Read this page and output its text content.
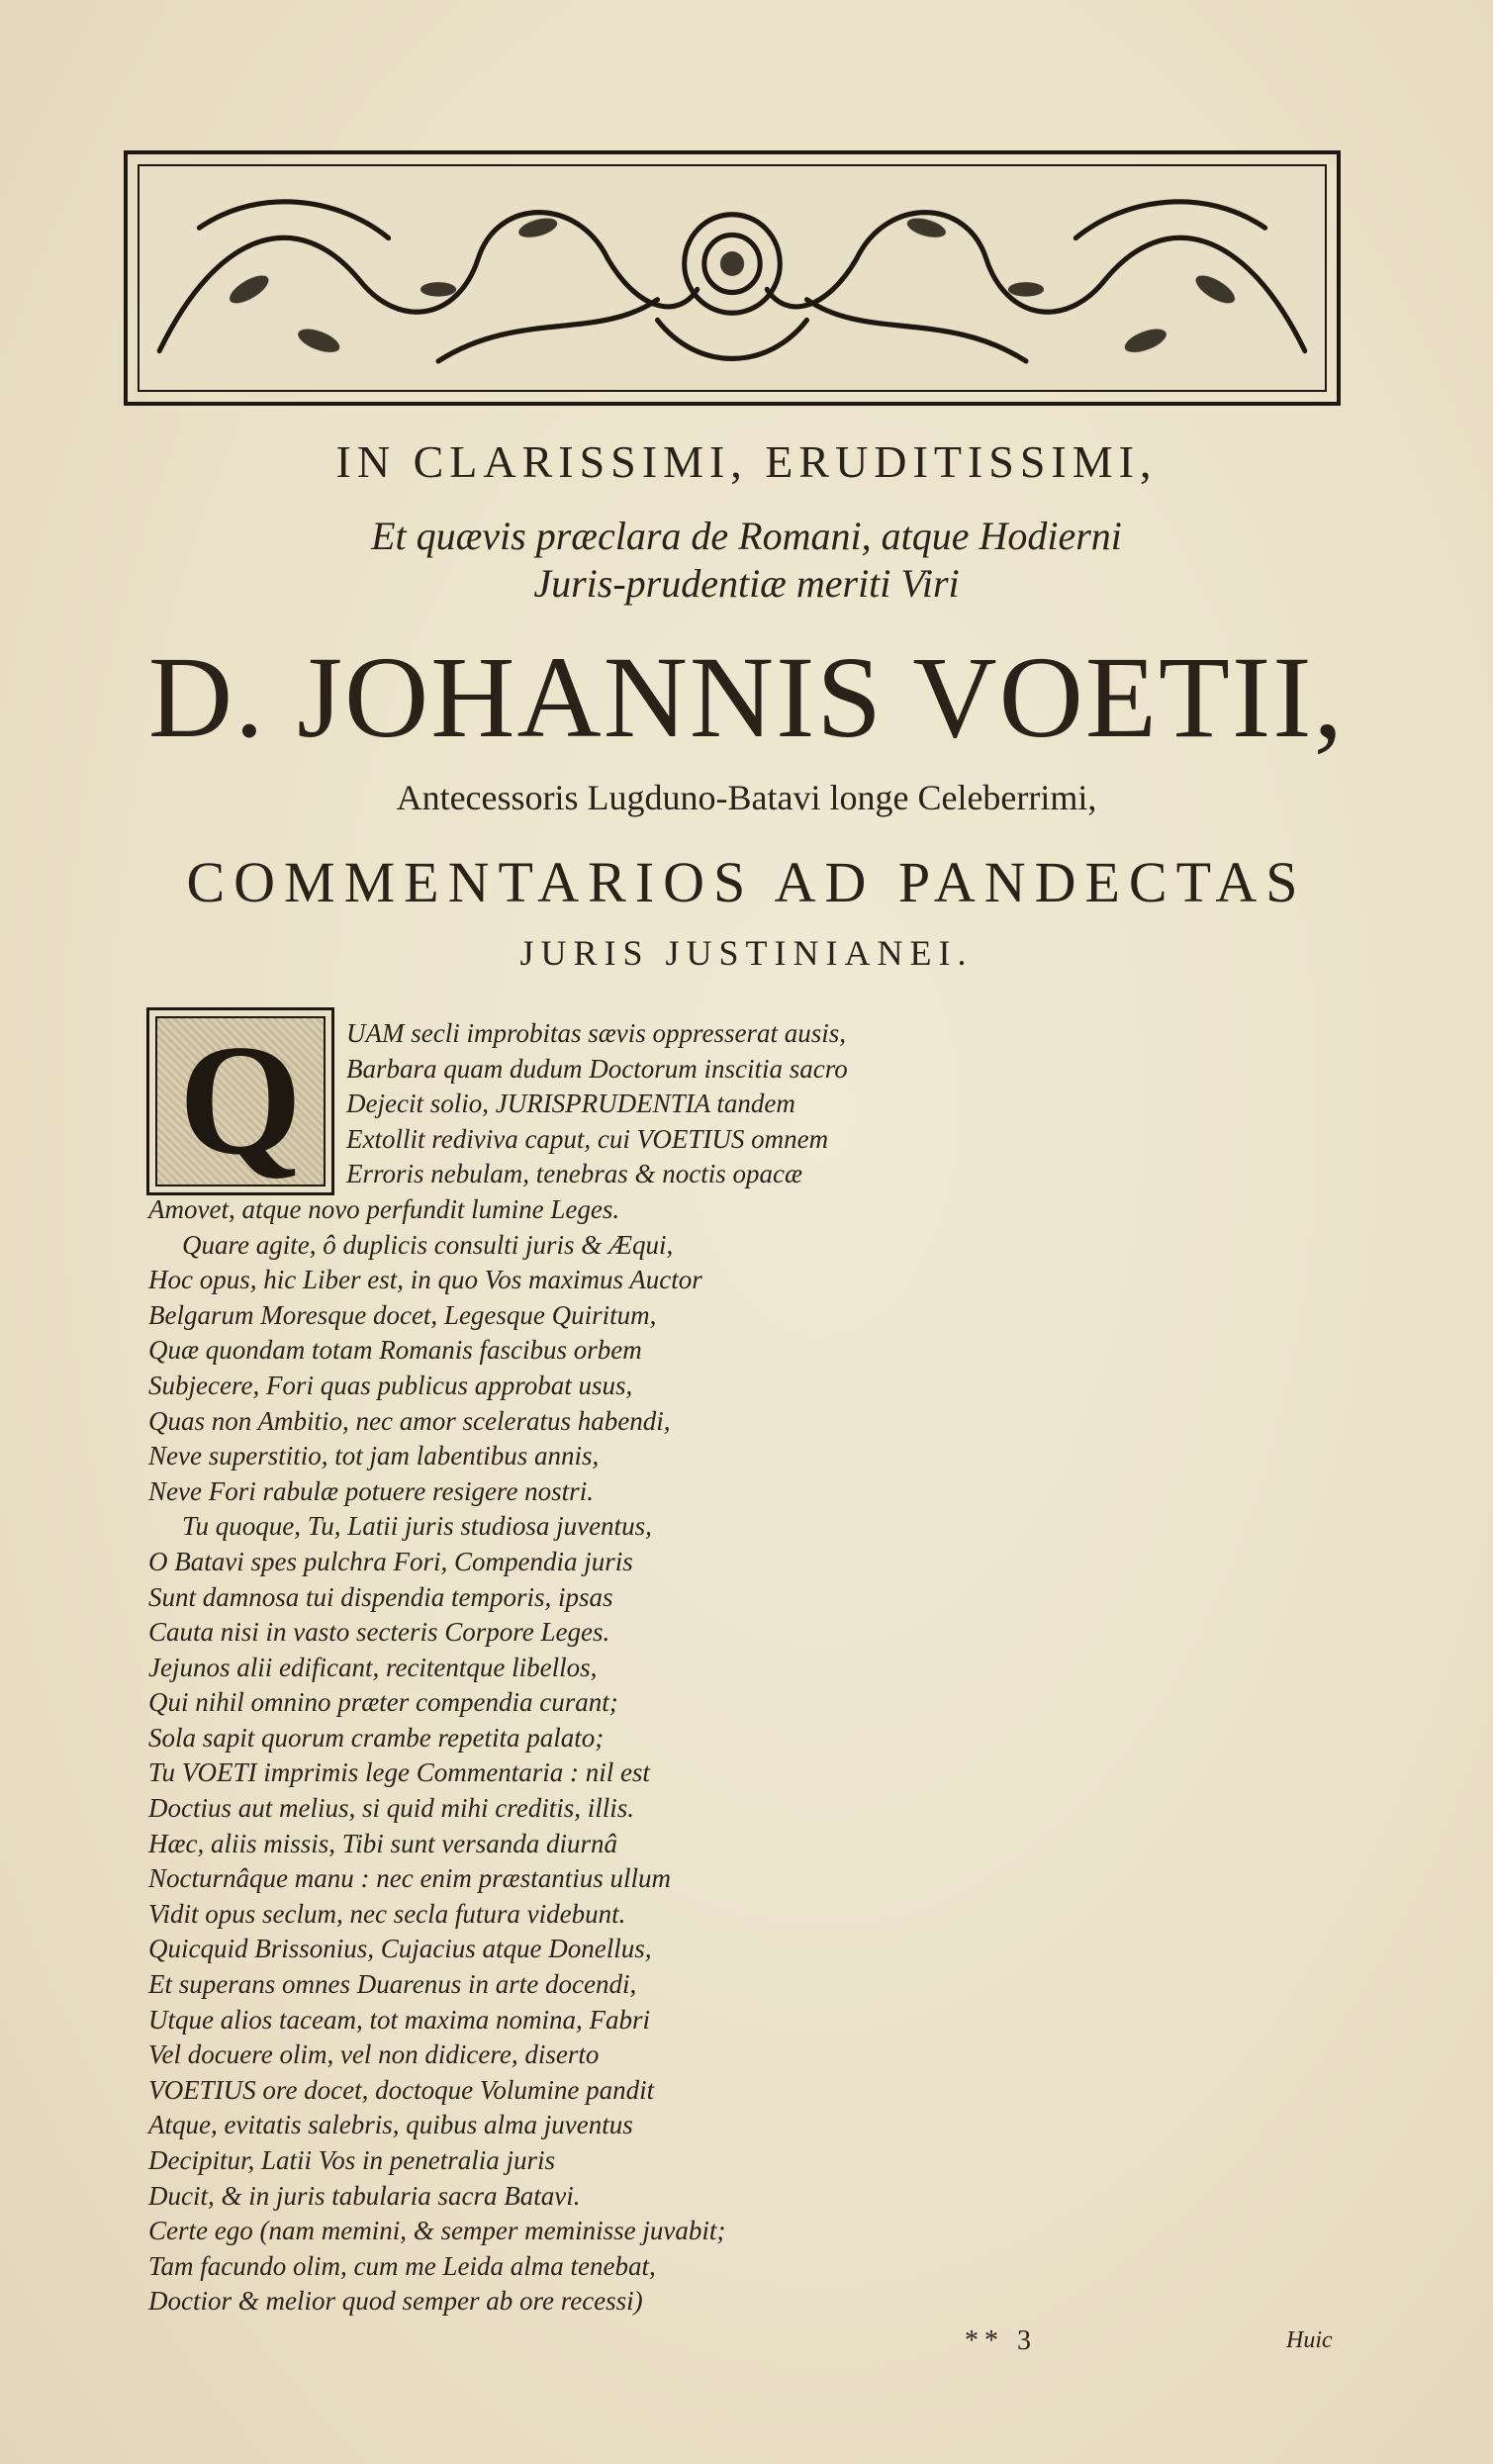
IN CLARISSIMI, ERUDITISSIMI,
Et quævis præclara de Romani, atque Hodierni
Juris-prudentiæ meriti Viri
D. JOHANNIS VOETII,
Antecessoris Lugduno-Batavi longe Celeberrimi,
COMMENTARIOS AD PANDECTAS
JURIS JUSTINIANEI.
Q	UAM secli improbitas sævis oppresserat ausis,
Barbara quam dudum Doctorum inscitia sacro
Dejecit solio, JURISPRUDENTIA tandem
Extollit rediviva caput, cui VOETIUS omnem
Erroris nebulam, tenebras & noctis opacæ
Amovet, atque novo perfundit lumine Leges.
Quare agite, ô duplicis consulti juris & Æqui,
Hoc opus, hic Liber est, in quo Vos maximus Auctor
Belgarum Moresque docet, Legesque Quiritum,
Quæ quondam totam Romanis fascibus orbem
Subjecere, Fori quas publicus approbat usus,
Quas non Ambitio, nec amor sceleratus habendi,
Neve superstitio, tot jam labentibus annis,
Neve Fori rabulæ potuere resigere nostri.
Tu quoque, Tu, Latii juris studiosa juventus,
O Batavi spes pulchra Fori, Compendia juris
Sunt damnosa tui dispendia temporis, ipsas
Cauta nisi in vasto secteris Corpore Leges.
Jejunos alii edificant, recitentque libellos,
Qui nihil omnino præter compendia curant;
Sola sapit quorum crambe repetita palato;
Tu VOETI imprimis lege Commentaria : nil est
Doctius aut melius, si quid mihi creditis, illis.
Hæc, aliis missis, Tibi sunt versanda diurnâ
Nocturnâque manu : nec enim præstantius ullum
Vidit opus seclum, nec secla futura videbunt.
Quicquid Brissonius, Cujacius atque Donellus,
Et superans omnes Duarenus in arte docendi,
Utque alios taceam, tot maxima nomina, Fabri
Vel docuere olim, vel non didicere, diserto
VOETIUS ore docet, doctoque Volumine pandit
Atque, evitatis salebris, quibus alma juventus
Decipitur, Latii Vos in penetralia juris
Ducit, & in juris tabularia sacra Batavi.
Certe ego (nam memini, & semper meminisse juvabit;
Tam facundo olim, cum me Leida alma tenebat,
Doctior & melior quod semper ab ore recessi)
** 3	Huic
